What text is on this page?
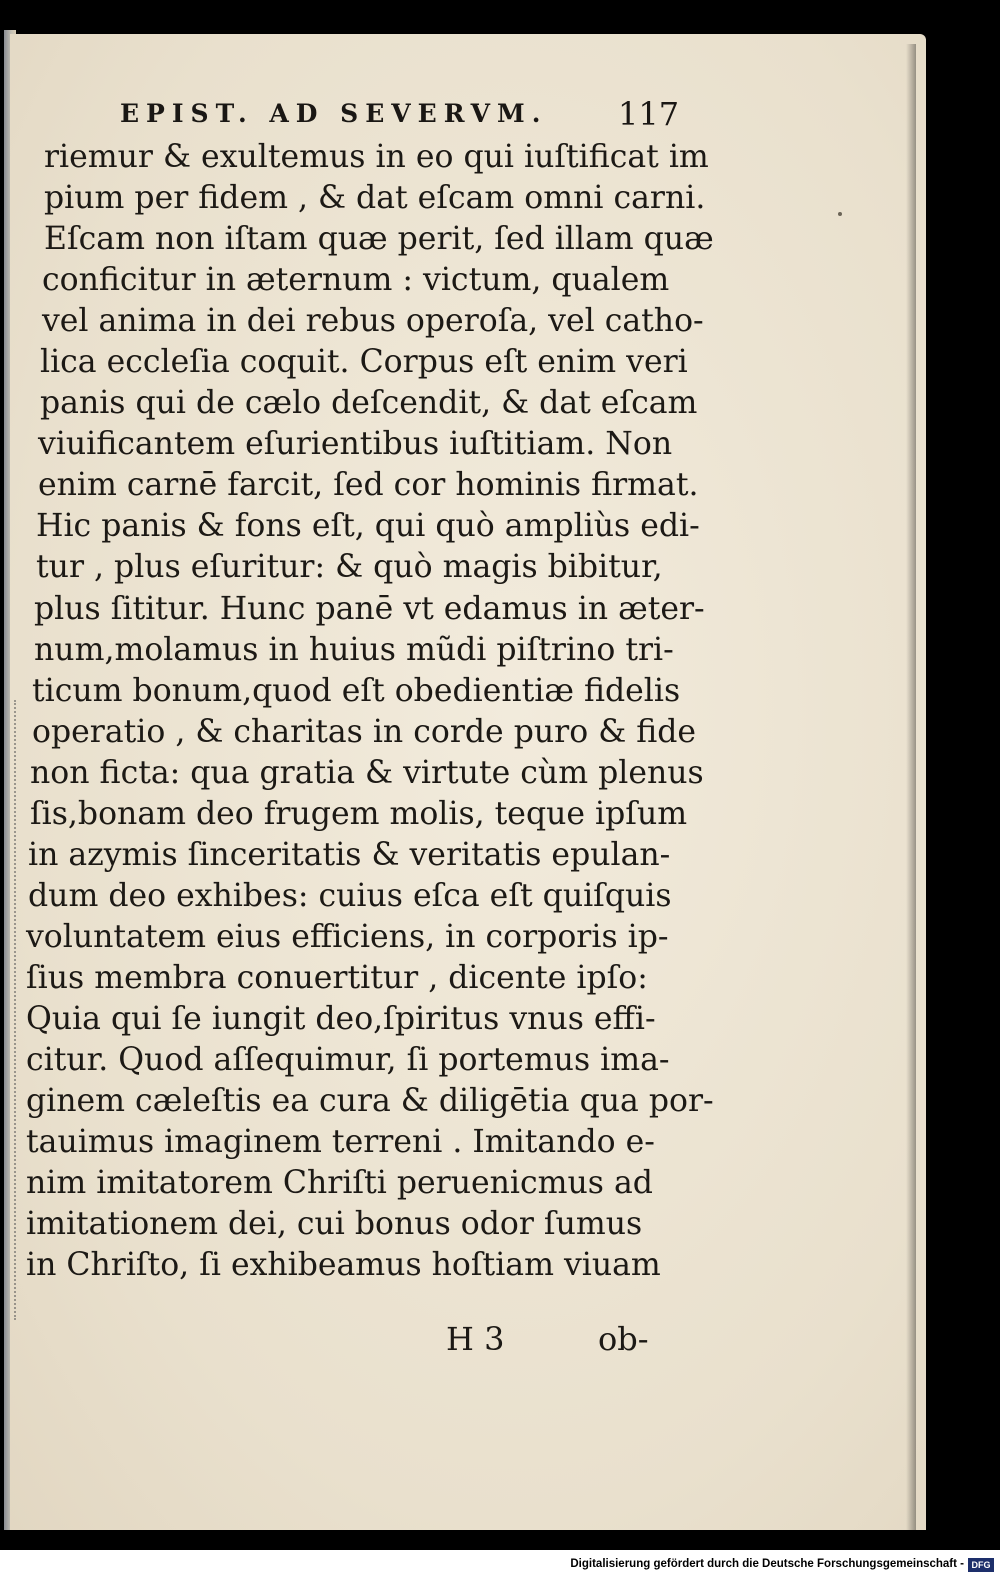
EPIST. AD SEVERVM. 117
riemur & exultemus in eo qui iuſtificat im
pium per fidem , & dat eſcam omni carni.
Eſcam non iſtam quæ perit, ſed illam quæ
conficitur in æternum : victum, qualem
vel anima in dei rebus operoſa, vel catho-
lica eccleſia coquit. Corpus eſt enim veri
panis qui de cælo deſcendit, & dat eſcam
viuificantem eſurientibus iuſtitiam. Non
enim carnē farcit, ſed cor hominis firmat.
Hic panis & fons eſt, qui quò ampliùs edi-
tur , plus eſuritur: & quò magis bibitur,
plus ſititur. Hunc panē vt edamus in æter-
num,molamus in huius mũdi piſtrino tri-
ticum bonum,quod eſt obedientiæ fidelis
operatio , & charitas in corde puro & fide
non ficta: qua gratia & virtute cùm plenus
ſis,bonam deo frugem molis, teque ipſum
in azymis ſinceritatis & veritatis epulan-
dum deo exhibes: cuius eſca eſt quiſquis
voluntatem eius efficiens, in corporis ip-
ſius membra conuertitur , dicente ipſo:
Quia qui ſe iungit deo,ſpiritus vnus effi-
citur. Quod aſſequimur, ſi portemus ima-
ginem cæleſtis ea cura & diligētia qua por-
tauimus imaginem terreni . Imitando e-
nim imitatorem Chriſti peruenicmus ad
imitationem dei, cui bonus odor ſumus
in Chriſto, ſi exhibeamus hoſtiam viuam
H 3	ob-
Digitalisierung gefördert durch die Deutsche Forschungsgemeinschaft - DFG
